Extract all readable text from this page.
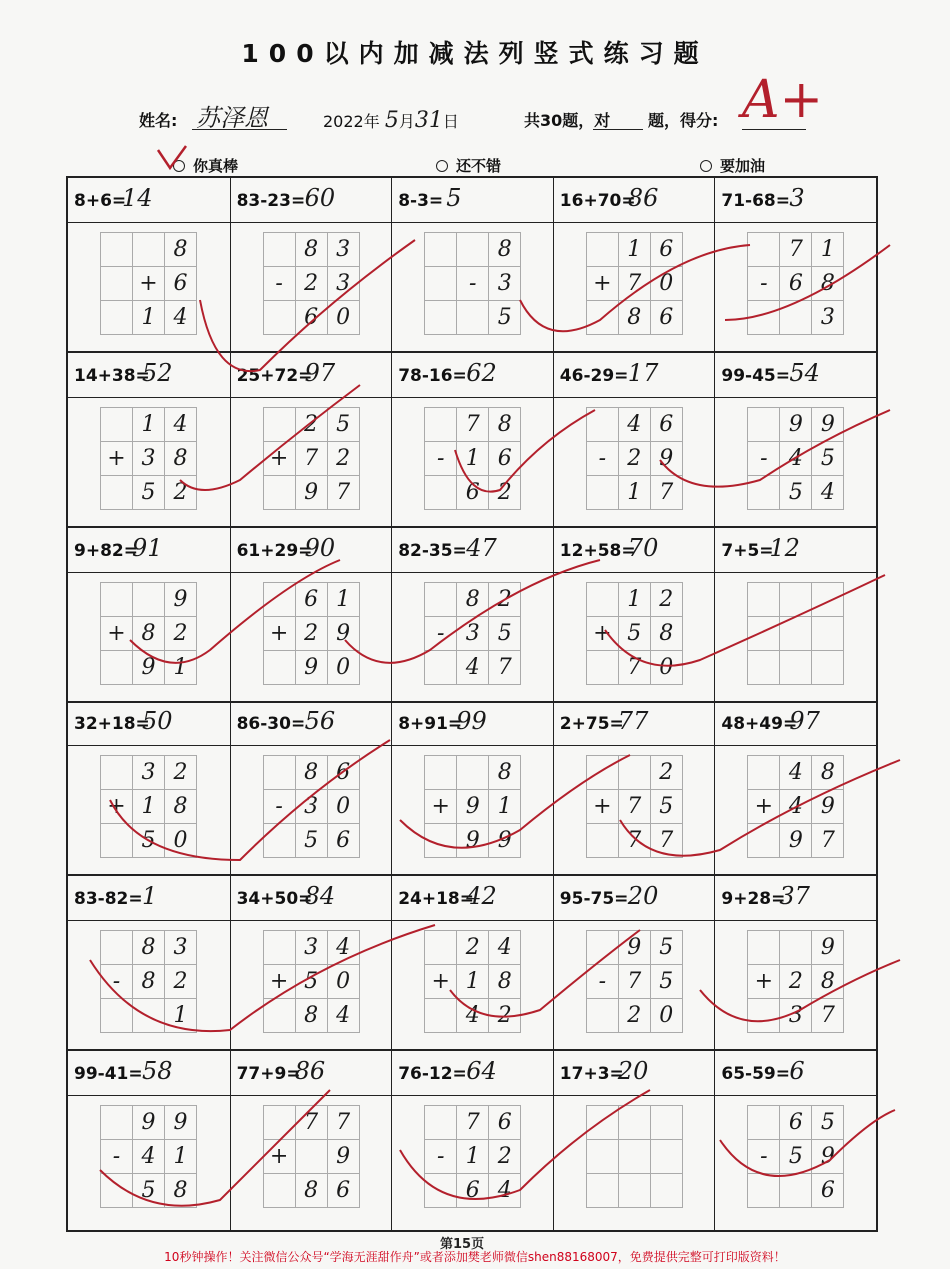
100以内加减法列竖式练习题
姓名: 苏泽恩	2022年 5月31日	共30题，对 题，得分: A+
你真棒	还不错	要加油
8+6=
14
		8
	+	6
	1	4
83-23= 60
	8	3
-	2	3
	6	0
8-3= 5
		8
	-	3
		5
16+70=
86
	1	6
+	7	0
	8	6
71-68= 3
	7	1
-	6	8
		3
14+38=
52
	1	4
+	3	8
	5	2
25+72=
97
	2	5
+	7	2
	9	7
78-16= 62
	7	8
-	1	6
	6	2
46-29= 17
	4	6
-	2	9
	1	7
99-45= 54
	9	9
-	4	5
	5	4
9+82=
91
		9
+	8	2
	9	1
61+29=
90
	6	1
+	2	9
	9	0
82-35= 47
	8	2
-	3	5
	4	7
12+58=
70
	1	2
+	5	8
	7	0
7+5=
12

32+18=
50
	3	2
+	1	8
	5	0
86-30= 56
	8	6
-	3	0
	5	6
8+91=
99
		8
+	9	1
	9	9
2+75=
77
		2
+	7	5
	7	7
48+49=
97
	4	8
+	4	9
	9	7
83-82= 1
	8	3
-	8	2
		1
34+50=
84
	3	4
+	5	0
	8	4
24+18=
42
	2	4
+	1	8
	4	2
95-75= 20
	9	5
-	7	5
	2	0
9+28=
37
		9
+	2	8
	3	7
99-41= 58
	9	9
-	4	1
	5	8
77+9=
86
	7	7
+		9
	8	6
76-12= 64
	7	6
-	1	2
	6	4
17+3=
20

			65-59= 6
	6	5
-	5	9
		6
第15页
10秒钟操作！关注微信公众号“学海无涯甜作舟”或者添加樊老师微信shen88168007，免费提供完整可打印版资料！
